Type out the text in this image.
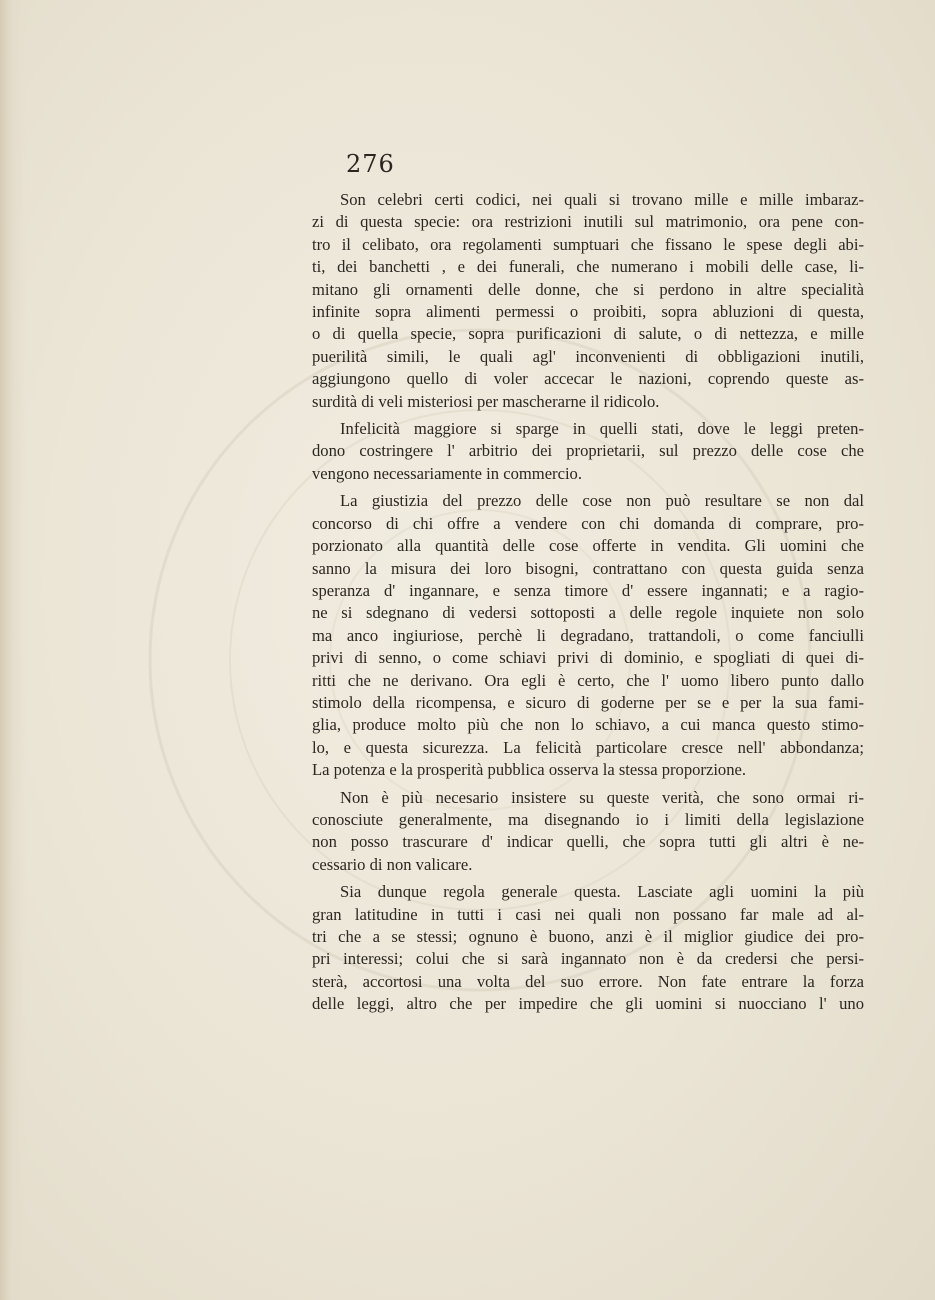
276
Son celebri certi codici, nei quali si trovano mille e mille imbaraz-
zi di questa specie: ora restrizioni inutili sul matrimonio, ora pene con-
tro il celibato, ora regolamenti sumptuari che fissano le spese degli abi-
ti, dei banchetti , e dei funerali, che numerano i mobili delle case, li-
mitano gli ornamenti delle donne, che si perdono in altre specialità
infinite sopra alimenti permessi o proibiti, sopra abluzioni di questa,
o di quella specie, sopra purificazioni di salute, o di nettezza, e mille
puerilità simili, le quali agl' inconvenienti di obbligazioni inutili,
aggiungono quello di voler accecar le nazioni, coprendo queste as-
surdità di veli misteriosi per mascherarne il ridicolo.
Infelicità maggiore si sparge in quelli stati, dove le leggi preten-
dono costringere l' arbitrio dei proprietarii, sul prezzo delle cose che
vengono necessariamente in commercio.
La giustizia del prezzo delle cose non può resultare se non dal
concorso di chi offre a vendere con chi domanda di comprare, pro-
porzionato alla quantità delle cose offerte in vendita. Gli uomini che
sanno la misura dei loro bisogni, contrattano con questa guida senza
speranza d' ingannare, e senza timore d' essere ingannati; e a ragio-
ne si sdegnano di vedersi sottoposti a delle regole inquiete non solo
ma anco ingiuriose, perchè li degradano, trattandoli, o come fanciulli
privi di senno, o come schiavi privi di dominio, e spogliati di quei di-
ritti che ne derivano. Ora egli è certo, che l' uomo libero punto dallo
stimolo della ricompensa, e sicuro di goderne per se e per la sua fami-
glia, produce molto più che non lo schiavo, a cui manca questo stimo-
lo, e questa sicurezza. La felicità particolare cresce nell' abbondanza;
La potenza e la prosperità pubblica osserva la stessa proporzione.
Non è più necesario insistere su queste verità, che sono ormai ri-
conosciute generalmente, ma disegnando io i limiti della legislazione
non posso trascurare d' indicar quelli, che sopra tutti gli altri è ne-
cessario di non valicare.
Sia dunque regola generale questa. Lasciate agli uomini la più
gran latitudine in tutti i casi nei quali non possano far male ad al-
tri che a se stessi; ognuno è buono, anzi è il miglior giudice dei pro-
pri interessi; colui che si sarà ingannato non è da credersi che persi-
sterà, accortosi una volta del suo errore. Non fate entrare la forza
delle leggi, altro che per impedire che gli uomini si nuocciano l' uno
